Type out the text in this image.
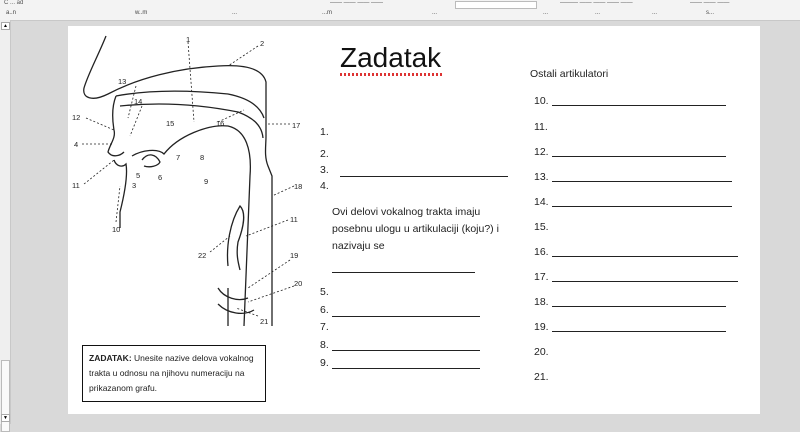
C ... ad	—— —— —— ——	——— —— —— —— ——	—— —— ——
a..n	w..m	...	...m	...	...	...	...	s...
▲
▼
1	2
4
5 6
7	8
9
10
11
12
13
14
15	16	17
18
19
20
21
22
3
11
Zadatak
Ostali artikulatori
1.
2.
3.
4.
Ovi delovi vokalnog trakta imaju posebnu ulogu u artikulaciji (koju?) i nazivaju se
5.
6.
7.
8.
9.
10.
11.
12.
13.
14.
15.
16.
17.
18.
19.
20.
21.
ZADATAK: Unesite nazive delova vokalnog trakta u odnosu na njihovu numeraciju na prikazanom grafu.
